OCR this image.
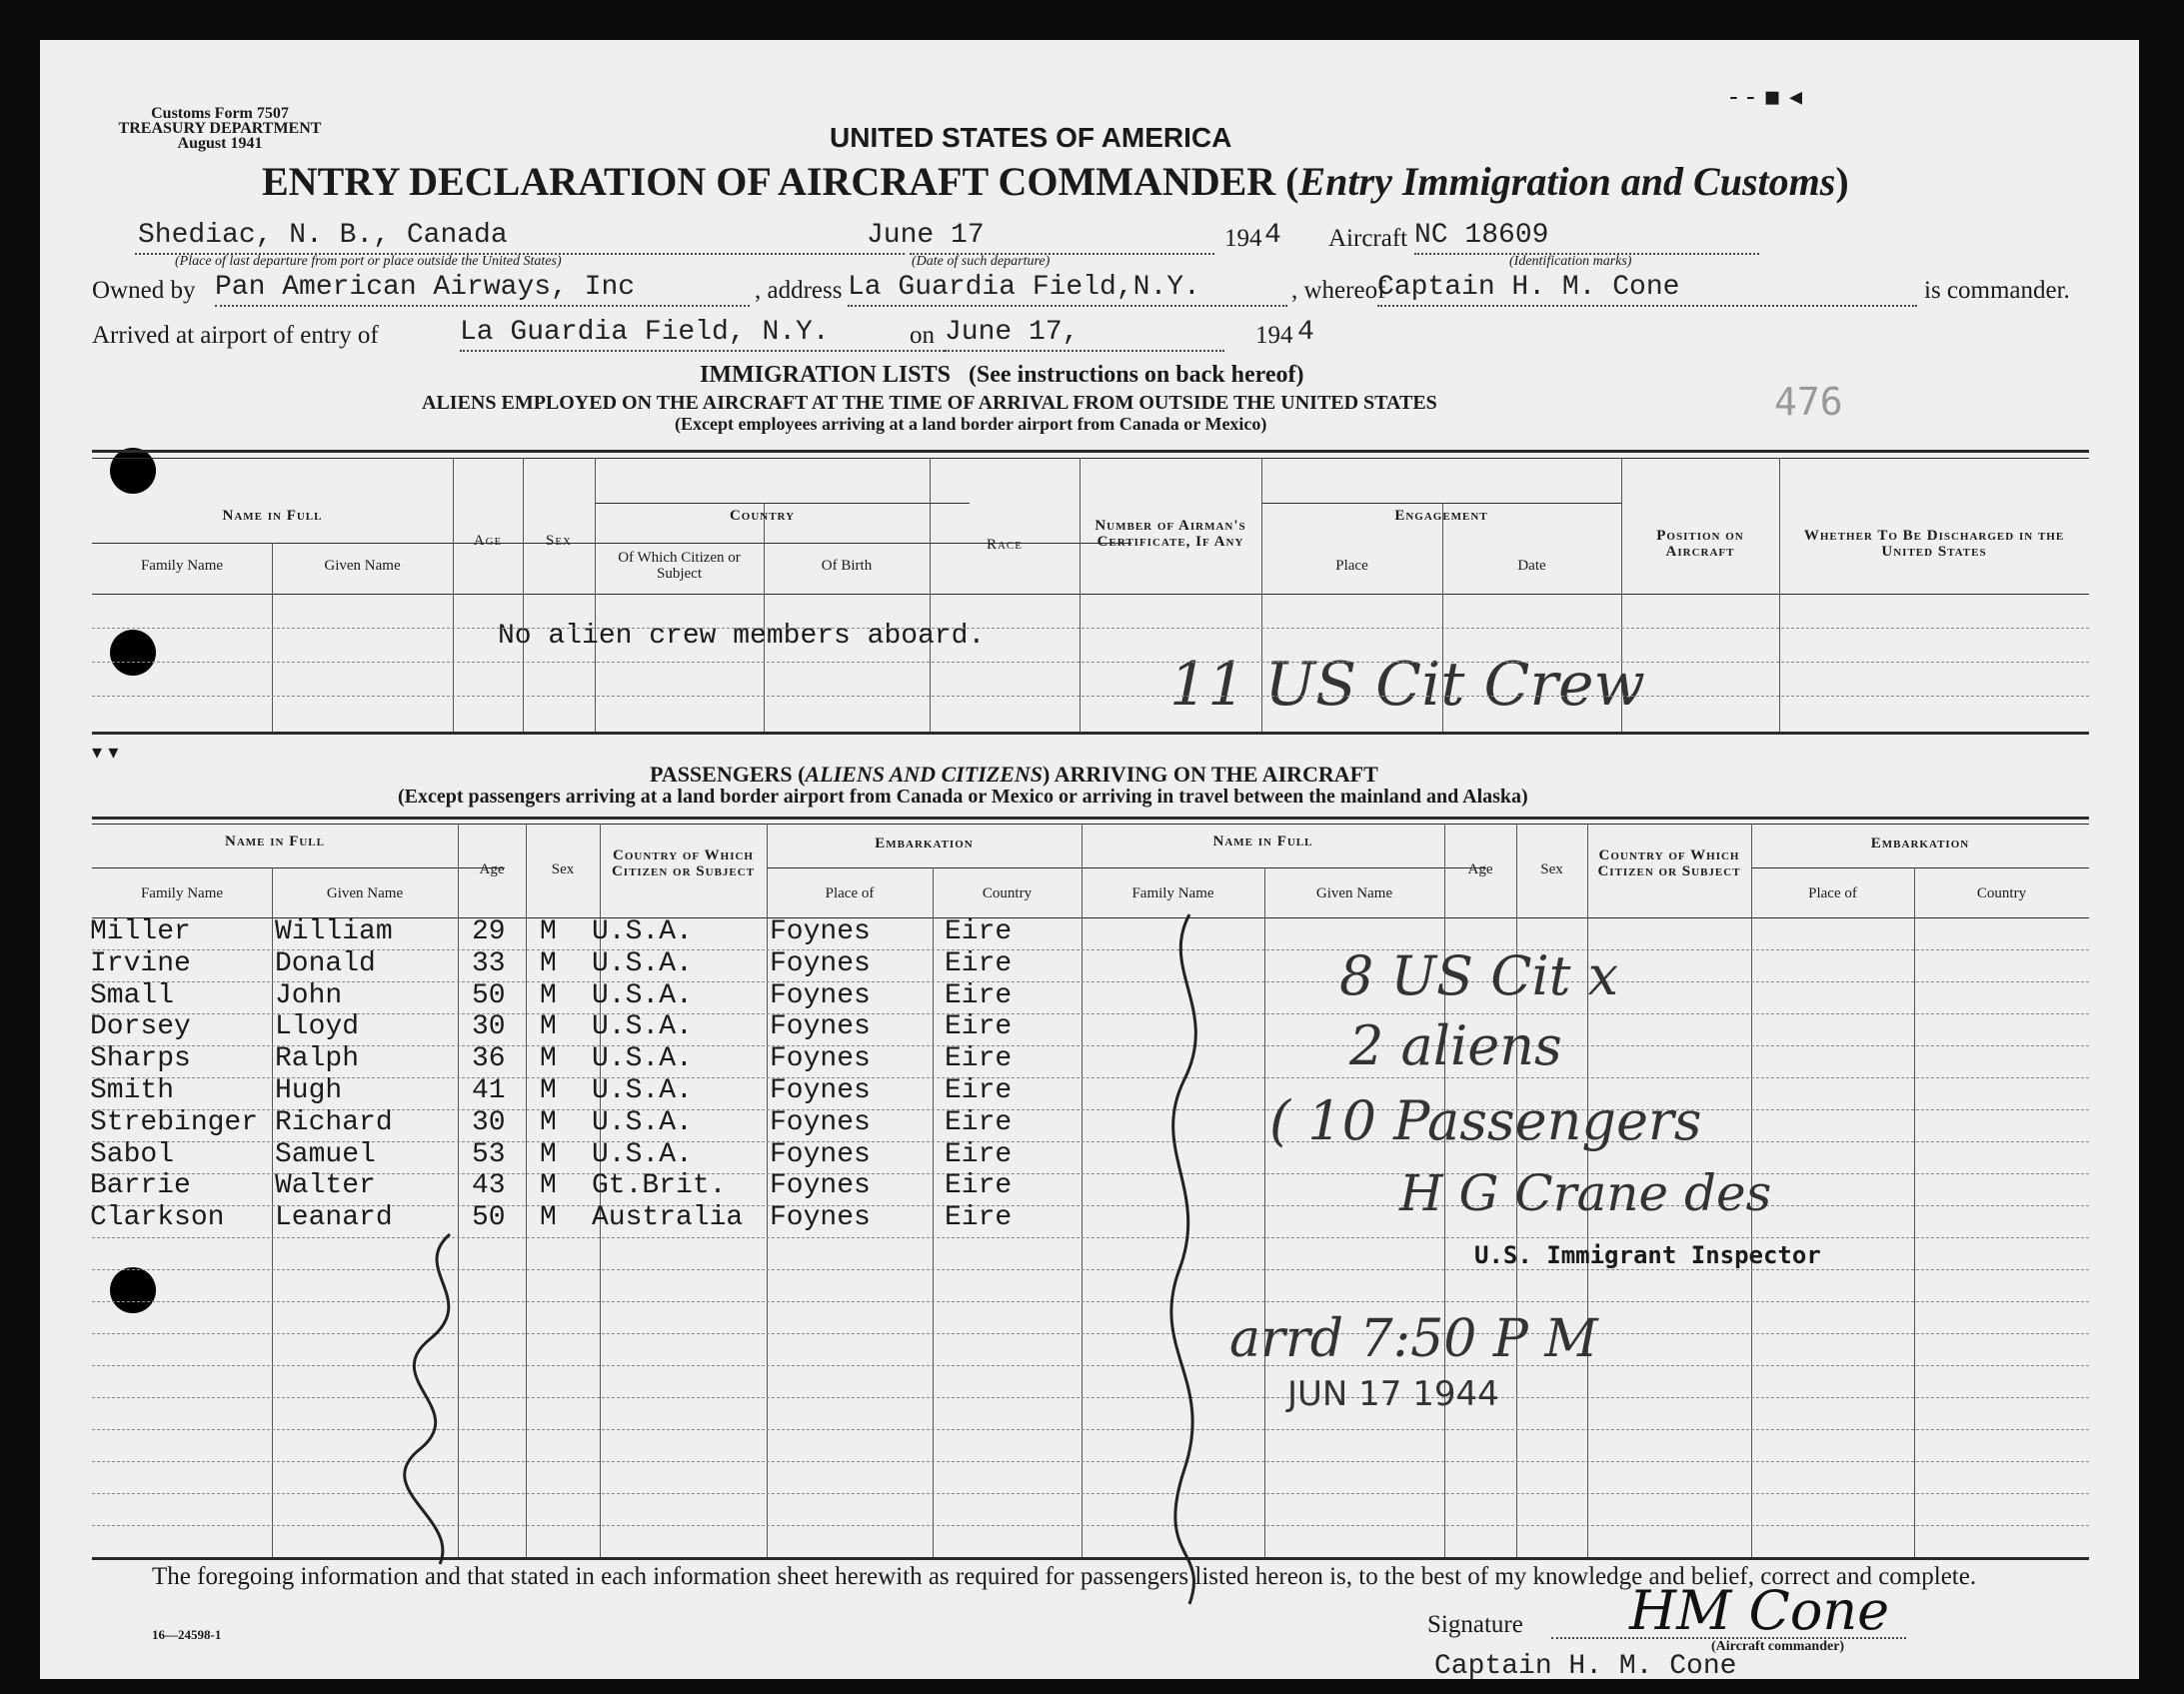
Customs Form 7507
TREASURY DEPARTMENT
August 1941
- - ▪ ◂
UNITED STATES OF AMERICA
ENTRY DECLARATION OF AIRCRAFT COMMANDER (Entry Immigration and Customs)
Shediac, N. B., Canada
(Place of last departure from port or place outside the United States)
June 17
(Date of such departure)
194 4 Aircraft NC 18609
(Identification marks)
Owned by Pan American Airways, Inc	, address La Guardia Field,N.Y.	, whereof
Captain H. M. Cone	is commander.
Arrived at airport of entry of	La Guardia Field, N.Y.	on June 17,	194 4
IMMIGRATION LISTS (See instructions on back hereof)
ALIENS EMPLOYED ON THE AIRCRAFT AT THE TIME OF ARRIVAL FROM OUTSIDE THE UNITED STATES
(Except employees arriving at a land border airport from Canada or Mexico)	476
Name in Full
Family Name	Given Name
Age	Sex
Country
Of Which Citizen or Subject	Of Birth
Race
Number of Airman's Certificate, If Any
Engagement
Place	Date
Position on Aircraft
Whether To Be Discharged in the United States
No alien crew members aboard.
11 US Cit Crew
▾ ▾
PASSENGERS (ALIENS AND CITIZENS) ARRIVING ON THE AIRCRAFT
(Except passengers arriving at a land border airport from Canada or Mexico or arriving in travel between the mainland and Alaska)
Name in Full
Family Name	Given Name
Age	Sex
Country of Which Citizen or Subject
Embarkation
Place of	Country
Name in Full
Family Name	Given Name
Age	Sex
Country of Which Citizen or Subject
Embarkation
Place of	Country
Miller	William	29 M U.S.A.	Foynes	Eire
Irvine	Donald	33 M U.S.A.	Foynes	Eire
Small	John	50 M U.S.A.	Foynes	Eire
Dorsey	Lloyd	30 M U.S.A.	Foynes	Eire
Sharps	Ralph	36 M U.S.A.	Foynes	Eire
Smith	Hugh	41 M U.S.A.	Foynes	Eire
Strebinger Richard	30 M U.S.A.	Foynes	Eire
Sabol	Samuel	53 M U.S.A.	Foynes	Eire
Barrie	Walter	43 M Gt.Brit. Foynes	Eire
Clarkson Leanard	50 M Australia Foynes	Eire
8 US Cit x
2 aliens
( 10 Passengers
H G Crane des
U.S. Immigrant Inspector
arrd 7:50 P M
JUN 17 1944
The foregoing information and that stated in each information sheet herewith as required for passengers listed hereon is, to the best of my knowledge and belief, correct and complete.
16—24598-1	Signature HM Cone
(Aircraft commander)
Captain H. M. Cone
